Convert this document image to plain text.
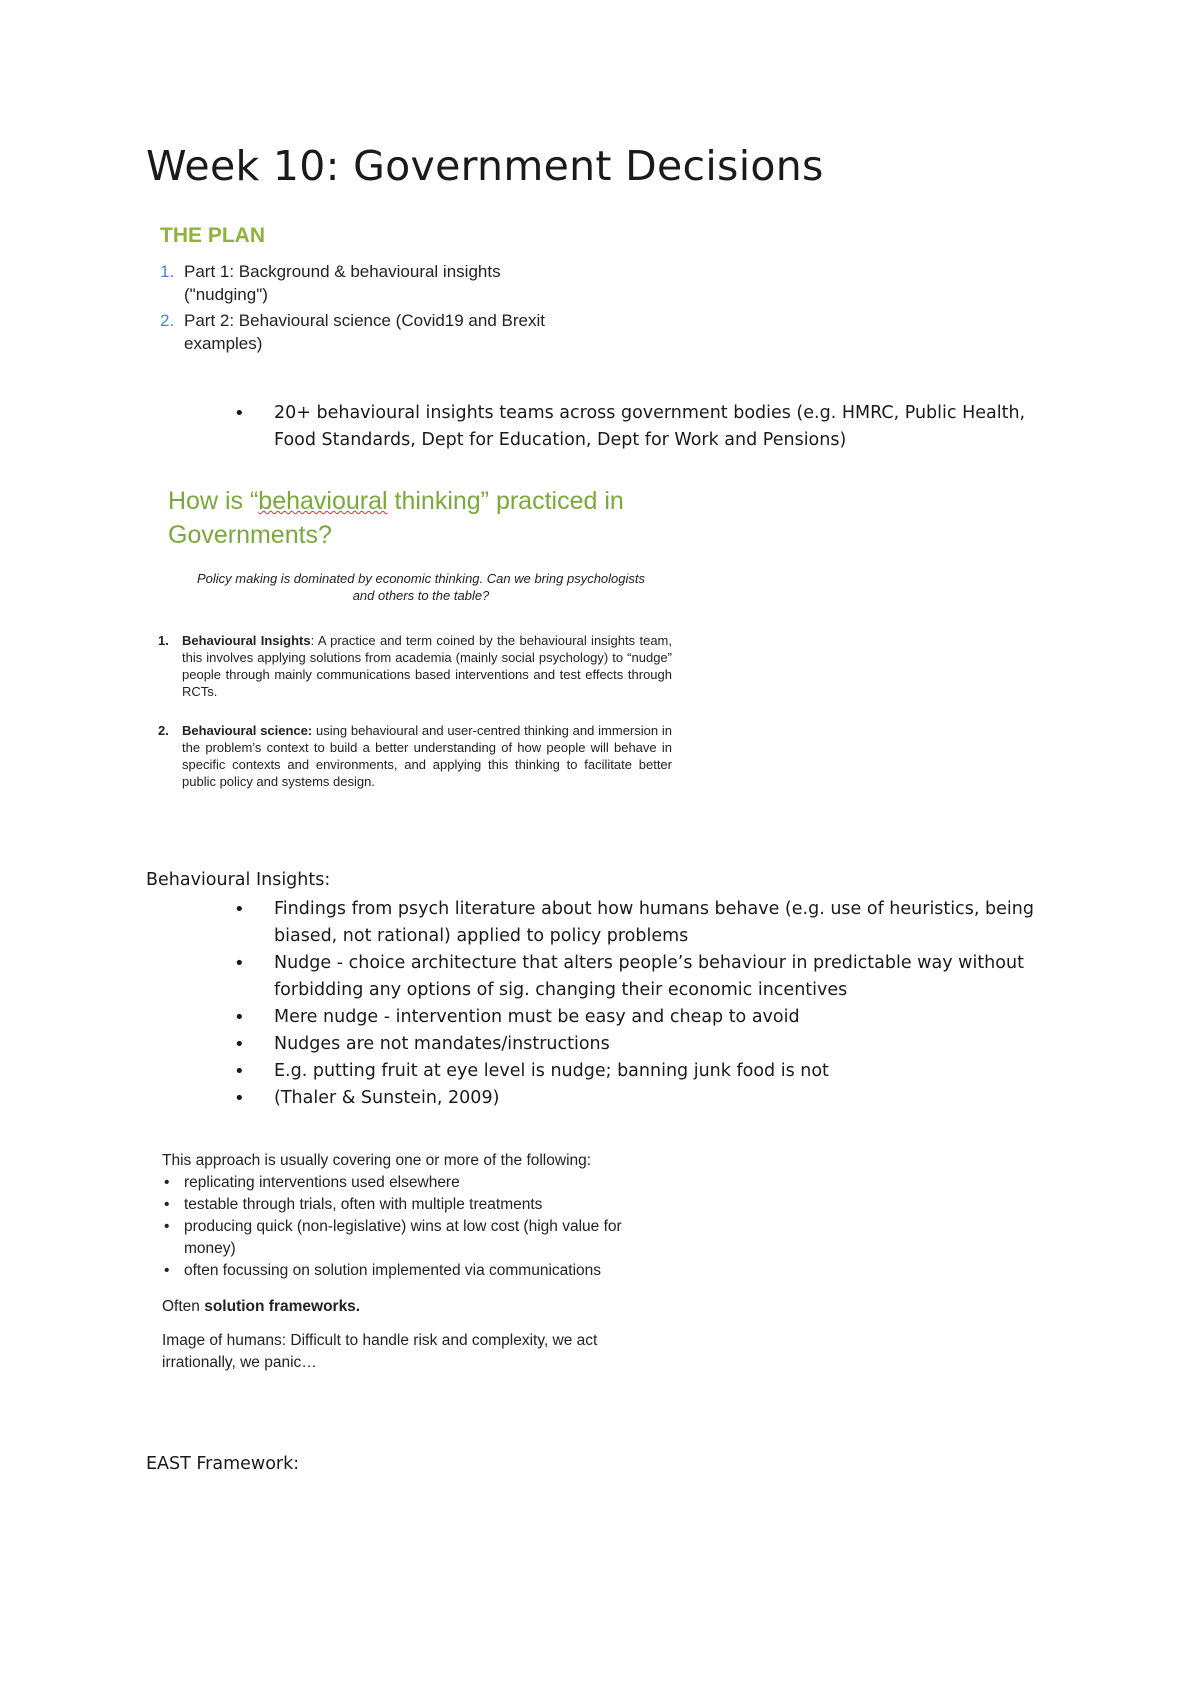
Week 10: Government Decisions
THE PLAN
1. Part 1: Background & behavioural insights ("nudging")
2. Part 2: Behavioural science (Covid19 and Brexit examples)
• 20+ behavioural insights teams across government bodies (e.g. HMRC, Public Health, Food Standards, Dept for Education, Dept for Work and Pensions)
How is “behavioural thinking” practiced in Governments?
Policy making is dominated by economic thinking. Can we bring psychologists and others to the table?
1.	Behavioural Insights: A practice and term coined by the behavioural insights team, this involves applying solutions from academia (mainly social psychology) to “nudge” people through mainly communications based interventions and test effects through RCTs.
2.	Behavioural science: using behavioural and user-centred thinking and immersion in the problem’s context to build a better understanding of how people will behave in specific contexts and environments, and applying this thinking to facilitate better public policy and systems design.
Behavioural Insights:
• Findings from psych literature about how humans behave (e.g. use of heuristics, being biased, not rational) applied to policy problems
• Nudge - choice architecture that alters people’s behaviour in predictable way without forbidding any options of sig. changing their economic incentives
• Mere nudge - intervention must be easy and cheap to avoid
• Nudges are not mandates/instructions
• E.g. putting fruit at eye level is nudge; banning junk food is not
• (Thaler & Sunstein, 2009)

This approach is usually covering one or more of the following:

• replicating interventions used elsewhere
• testable through trials, often with multiple treatments
• producing quick (non-legislative) wins at low cost (high value for money)
• often focussing on solution implemented via communications

Often solution frameworks.

Image of humans: Difficult to handle risk and complexity, we act irrationally, we panic…

EAST Framework:
